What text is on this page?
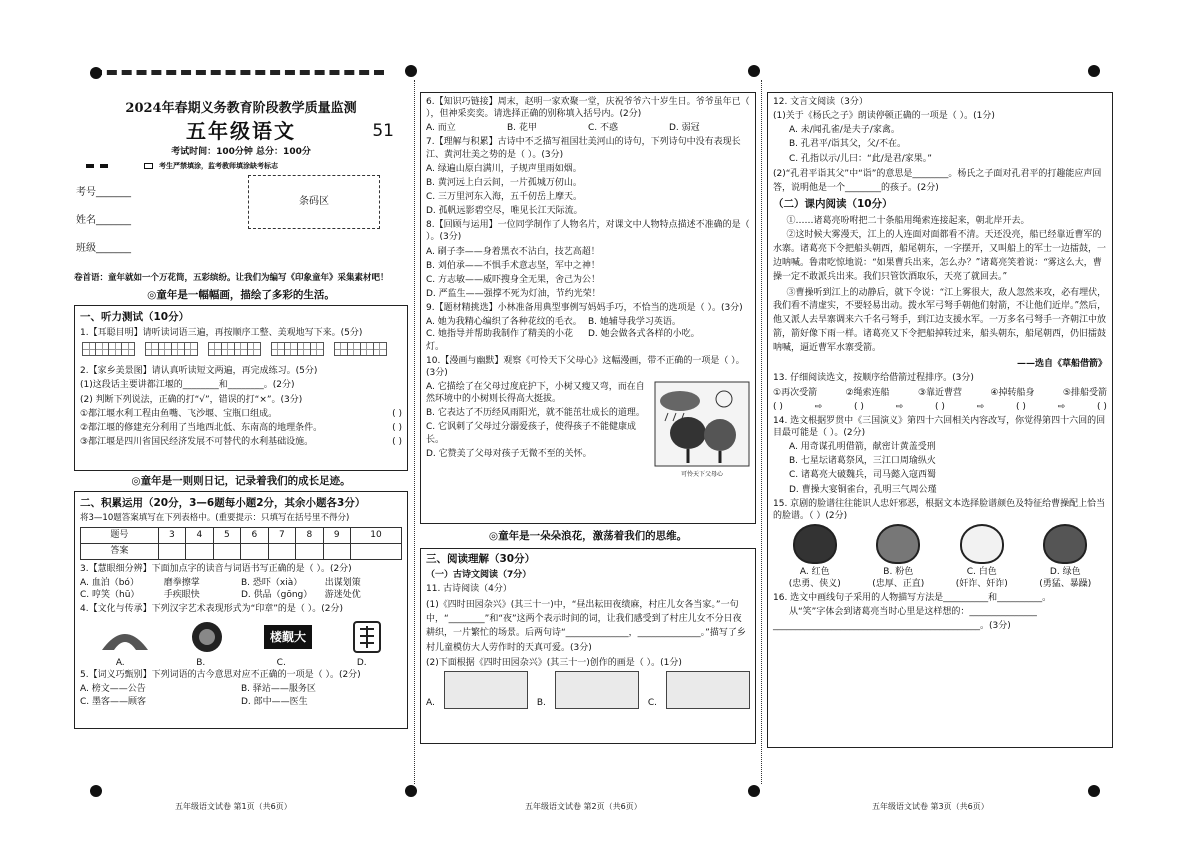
2024年春期义务教育阶段教学质量监测
五年级语文	51
考试时间：100分钟 总分：100分
考生严禁填涂，监考教师填涂缺考标志
考号_______
姓名_______
班级_______
条码区
卷首语：童年就如一个万花筒，五彩缤纷。让我们为编写《印象童年》采集素材吧！
◎童年是一幅幅画，描绘了多彩的生活。
一、听力测试（10分）
1.【耳聪目明】请听读词语三遍，再按顺序工整、美观地写下来。(5分)

2.【家乡美景图】请认真听读短文两遍，再完成练习。(5分)
(1)这段话主要讲都江堰的________和________。(2分)
(2) 判断下列说法，正确的打“√”，错误的打“×”。(3分)
①都江堰水利工程由鱼嘴、飞沙堰、宝瓶口组成。	( )
②都江堰的修建充分利用了当地西北低、东南高的地理条件。	( )
③都江堰是四川省国民经济发展不可替代的水利基础设施。	( )
◎童年是一则则日记，记录着我们的成长足迹。
二、积累运用（20分，3—6题每小题2分，其余小题各3分）
将3—10题答案填写在下列表格中。(重要提示：只填写在括号里不得分)
题号	3	4	5	6	7	8	9	10
答案								
3.【慧眼细分辨】下面加点字的读音与词语书写正确的是（ ）。(2分)
A. 血泊（bó）	磨拳擦掌	B. 恐吓（xià）	出谋划策
C. 哼笑（hū）	手疾眼快	D. 供品（gōng）	游迷处优
4.【文化与传承】下列汉字艺术表现形式为“印章”的是（ ）。(2分)
楼觐大
A.	B.	C.	D.
5.【词义巧甄别】下列词语的古今意思对应不正确的一项是（ ）。(2分)
A. 榜文——公告	B. 驿站——服务区
C. 墨客——顾客	D. 郎中——医生
6.【知识巧链接】周末，赵明一家欢聚一堂，庆祝爷爷六十岁生日。爷爷虽年已（ ），但神采奕奕。请选择正确的别称填入括号内。(2分)
A. 而立	B. 花甲	C. 不惑	D. 弱冠
7.【理解与积累】古诗中不乏描写祖国壮美河山的诗句，下列诗句中没有表现长江、黄河壮美之势的是（ ）。(3分)
A. 绿遍山原白满川，子规声里雨如烟。
B. 黄河远上白云间，一片孤城万仞山。
C. 三万里河东入海，五千仞岳上摩天。
D. 孤帆远影碧空尽，唯见长江天际流。
8.【回顾与运用】一位同学制作了人物名片，对课文中人物特点描述不准确的是（ ）。(3分)
A. 刷子李——身着黑衣不沾白，技艺高超！
B. 刘伯承——不惧手术意志坚，军中之神！
C. 方志敏——威吓搜身全无果，舍己为公！
D. 严监生——强撑不死为灯油，节约光荣！
9.【题材精挑选】小林准备用典型事例写妈妈手巧，不恰当的选项是（ ）。(3分)
A. 她为我精心编织了各种花纹的毛衣。 B. 她辅导我学习英语。
C. 她指导并帮助我制作了精美的小花灯。
D. 她会做各式各样的小吃。
10.【漫画与幽默】观察《可怜天下父母心》这幅漫画，带不正确的一项是（ ）。(3分)
A. 它描绘了在父母过度庇护下，小树又瘦又弯，而在自然环境中的小树则长得高大挺拔。
B. 它表达了不历经风雨阳光，就不能茁壮成长的道理。
C. 它讽刺了父母过分溺爱孩子，使得孩子不能健康成长。
D. 它赞美了父母对孩子无微不至的关怀。
可怜天下父母心
◎童年是一朵朵浪花，激荡着我们的思维。
三、阅读理解（30分）
（一）古诗文阅读（7分）
11. 古诗阅读（4分）
(1)《四时田园杂兴》(其三十一)中，“昼出耘田夜绩麻，村庄儿女各当家。”一句中，“________”和“夜”这两个表示时间的词，让我们感受到了村庄儿女不分日夜耕织，一片繁忙的场景。后两句诗“______________，______________。”描写了乡村儿童模仿大人劳作时的天真可爱。(3分)
(2)下面根据《四时田园杂兴》(其三十一)创作的画是（ ）。(1分)
A.	B.	C.
12. 文言文阅读（3分）
(1)关于《杨氏之子》朗读停顿正确的一项是（ ）。(1分)
A. 未/闻孔雀/是夫子/家禽。
B. 孔君平/诣其父，父/不在。
C. 孔指以示/儿曰：“此/是君/家果。”
(2)“孔君平诣其父”中“诣”的意思是________。杨氏之子面对孔君平的打趣能应声回答，说明他是一个________的孩子。(2分)
（二）课内阅读（10分）
①……诸葛亮吩咐把二十条船用绳索连接起来，朝北岸开去。
②这时候大雾漫天，江上的人连面对面都看不清。天还没亮，船已经靠近曹军的水寨。诸葛亮下令把船头朝西，船尾朝东，一字摆开，又叫船上的军士一边擂鼓，一边呐喊。鲁肃吃惊地说：“如果曹兵出来，怎么办？”诸葛亮笑着说：“雾这么大，曹操一定不敢派兵出来。我们只管饮酒取乐，天亮了就回去。”
③曹操听到江上的动静后，就下令说：“江上雾很大，敌人忽然来攻，必有埋伏，我们看不清虚实，不要轻易出动。拨水军弓弩手朝他们射箭，不让他们近岸。”然后，他又派人去旱寨调来六千名弓弩手，到江边支援水军。一万多名弓弩手一齐朝江中放箭，箭好像下雨一样。诸葛亮又下令把船掉转过来，船头朝东，船尾朝西，仍旧擂鼓呐喊，逼近曹军水寨受箭。
——选自《草船借箭》
13. 仔细阅读选文，按顺序给借箭过程排序。(3分)
①再次受箭	②绳索连船	③靠近曹营	④掉转船身	⑤排船受箭
( )	⇨	( )	⇨	( )	⇨	( )	⇨	( )
14. 选文根据罗贯中《三国演义》第四十六回相关内容改写，你觉得第四十六回的回目最可能是（ ）。(2分)
A. 用奇谋孔明借箭，献密计黄盖受刑
B. 七星坛诸葛祭风，三江口周瑜纵火
C. 诸葛亮大破魏兵，司马懿入寇西蜀
D. 曹操大宴铜雀台，孔明三气周公瑾
15. 京剧的脸谱往往能识人忠奸邪恶，根据文本选择脸谱颜色及特征给曹操配上恰当的脸谱。（ ）(2分)
A. 红色	B. 粉色	C. 白色	D. 绿色
(忠勇、侠义)	(忠厚、正直)	(奸诈、奸诈)	(勇猛、暴躁)
16. 选文中画线句子采用的人物描写方法是__________和__________。
从“笑”字体会到诸葛亮当时心里是这样想的：_______________
______________________________________________。(3分)
五年级语文试卷 第1页（共6页）	五年级语文试卷 第2页（共6页）	五年级语文试卷 第3页（共6页）
